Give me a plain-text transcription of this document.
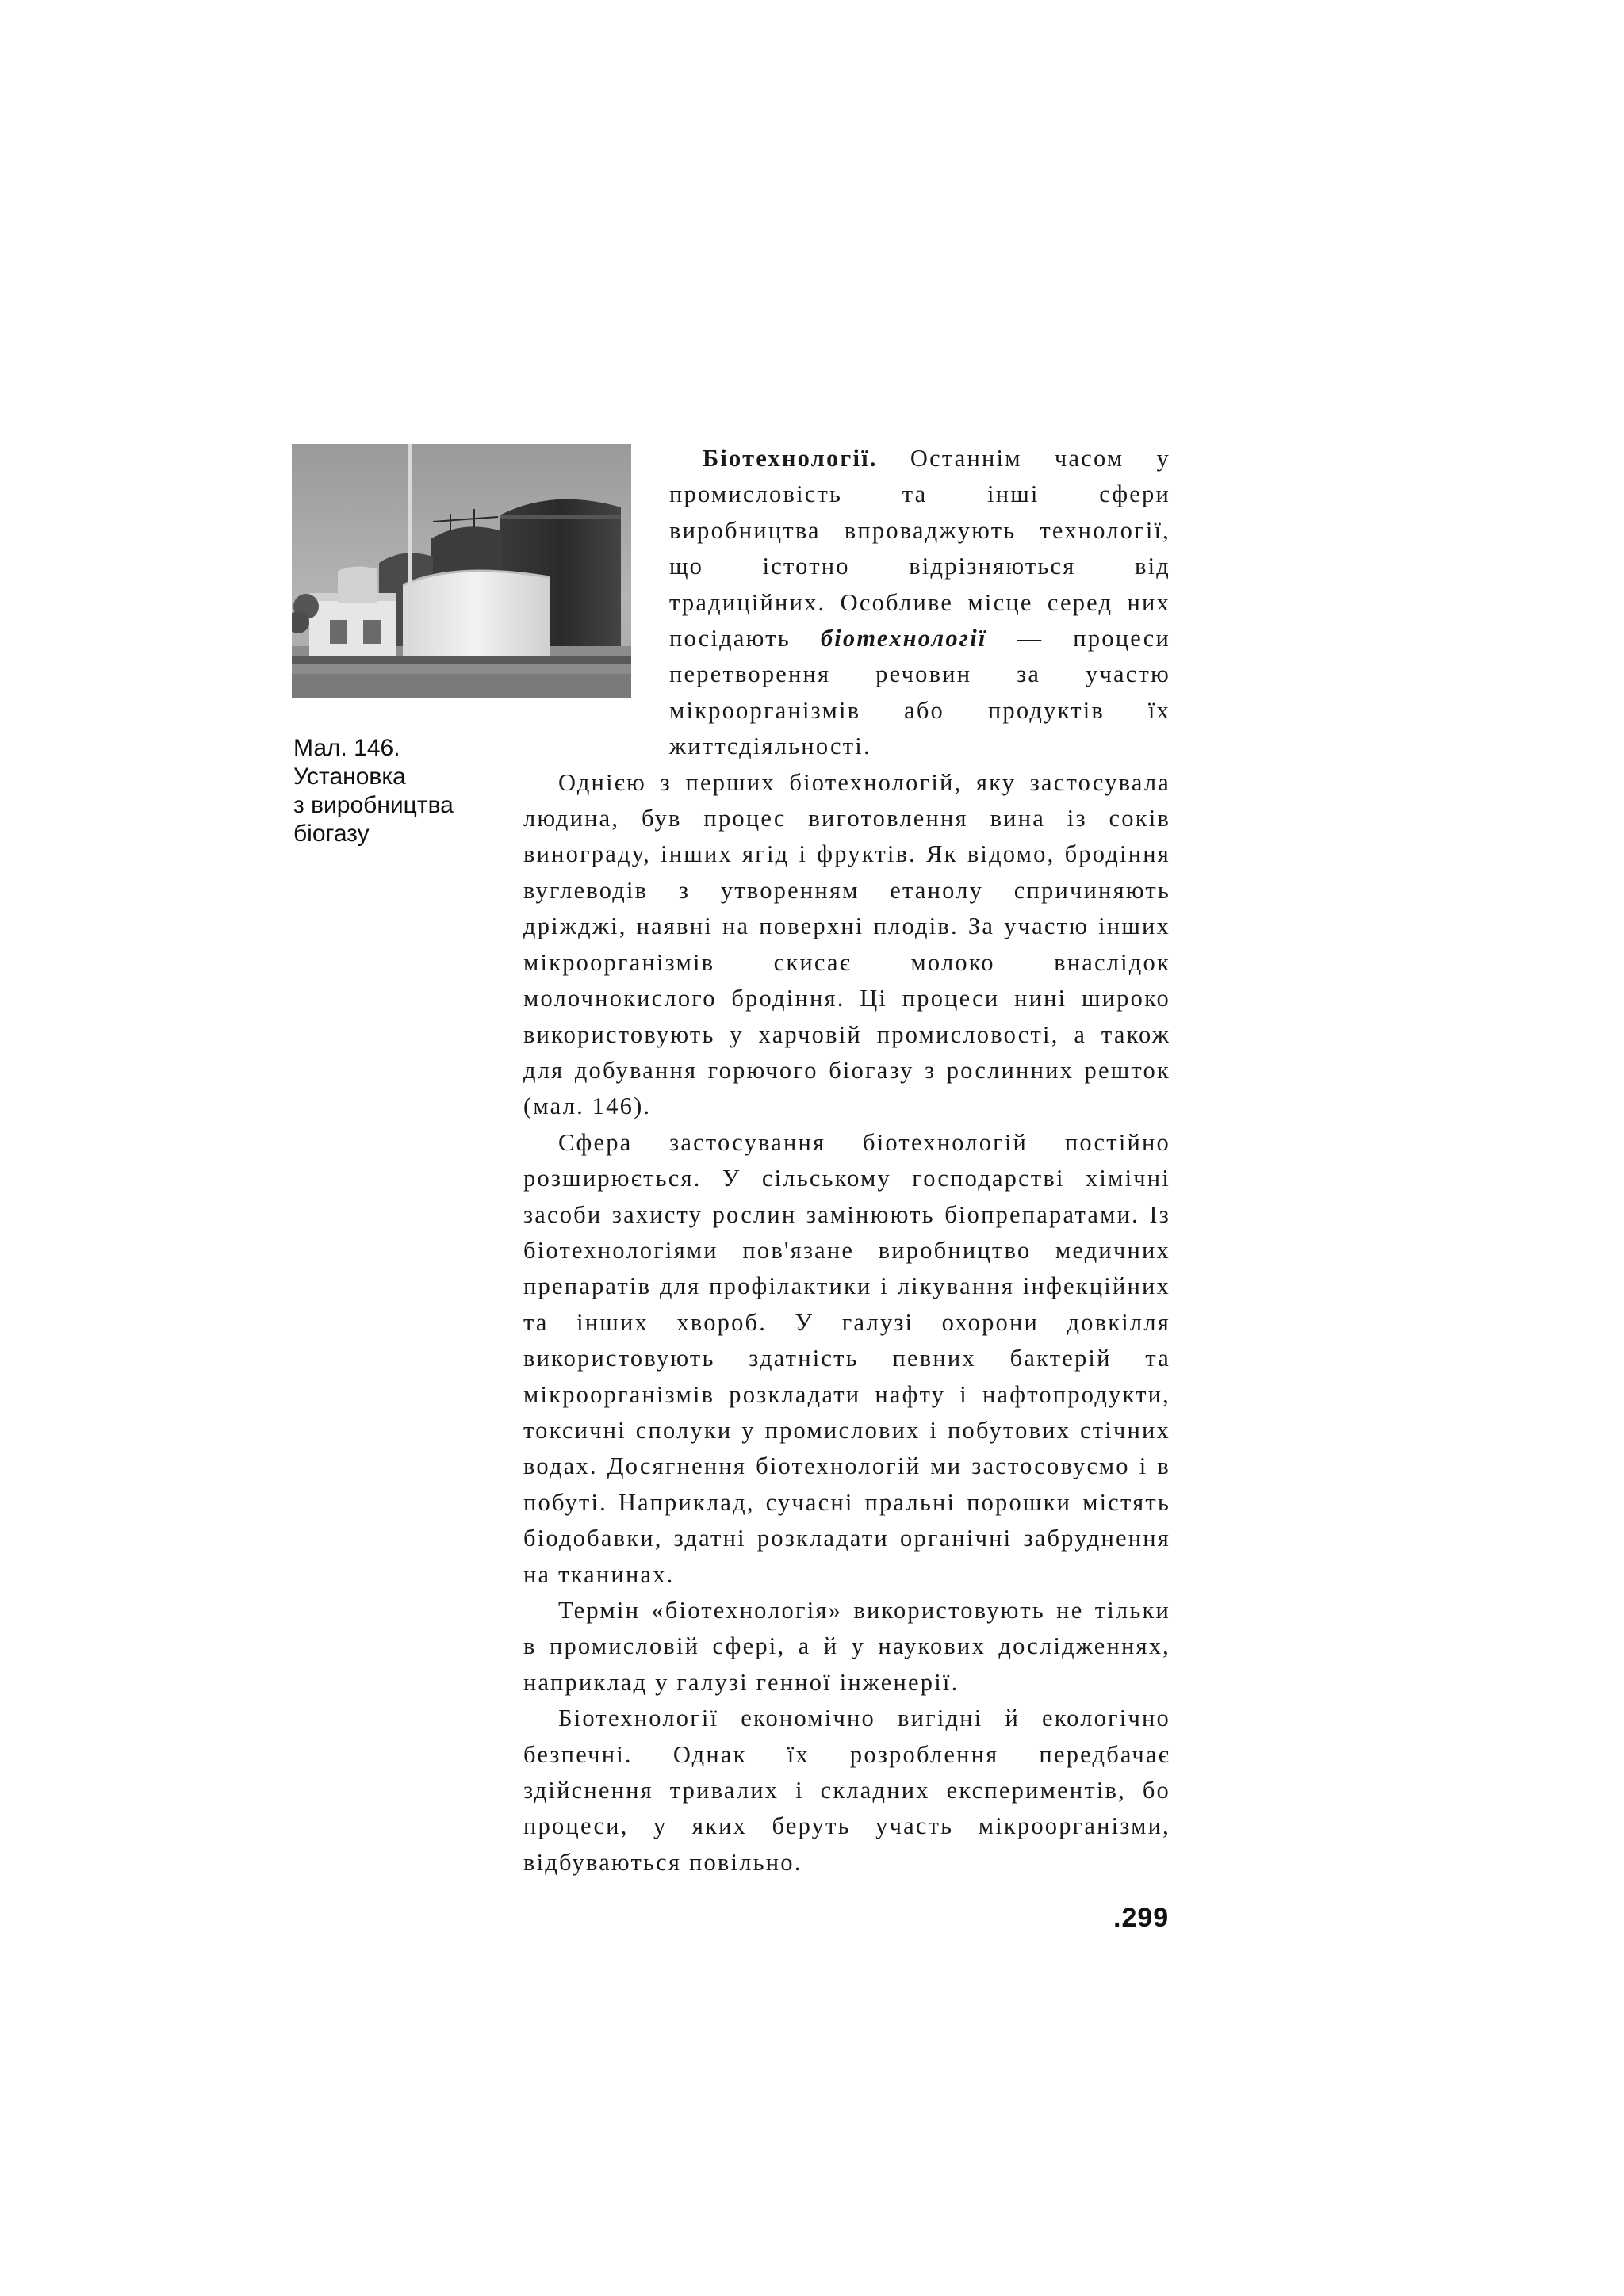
Мал. 146.
Установка
з виробництва
біогазу

Біотехнології. Останнім часом у промисловість та інші сфери виробництва впроваджують технології, що істотно відрізняються від традиційних. Особливе місце серед них посідають біотехнології — процеси перетворення речовин за участю мікроорганізмів або продуктів їх життєдіяльності.

Однією з перших біотехнологій, яку застосувала людина, був процес виготовлення вина із соків винограду, інших ягід і фруктів. Як відомо, бродіння вуглеводів з утворенням етанолу спричиняють дріжджі, наявні на поверхні плодів. За участю інших мікроорганізмів скисає молоко внаслідок молочнокислого бродіння. Ці процеси нині широко використовують у харчовій промисловості, а також для добування горючого біогазу з рослинних решток (мал. 146).

Сфера застосування біотехнологій постійно розширюється. У сільському господарстві хімічні засоби захисту рослин замінюють біопрепаратами. Із біотехнологіями пов'язане виробництво медичних препаратів для профілактики і лікування інфекційних та інших хвороб. У галузі охорони довкілля використовують здатність певних бактерій та мікроорганізмів розкладати нафту і нафтопродукти, токсичні сполуки у промислових і побутових стічних водах. Досягнення біотехнологій ми застосовуємо і в побуті. Наприклад, сучасні пральні порошки містять біодобавки, здатні розкладати органічні забруднення на тканинах.

Термін «біотехнологія» використовують не тільки в промисловій сфері, а й у наукових дослідженнях, наприклад у галузі генної інженерії.

Біотехнології економічно вигідні й екологічно безпечні. Однак їх розроблення передбачає здійснення тривалих і складних експериментів, бо процеси, у яких беруть участь мікроорганізми, відбуваються повільно.

.299
